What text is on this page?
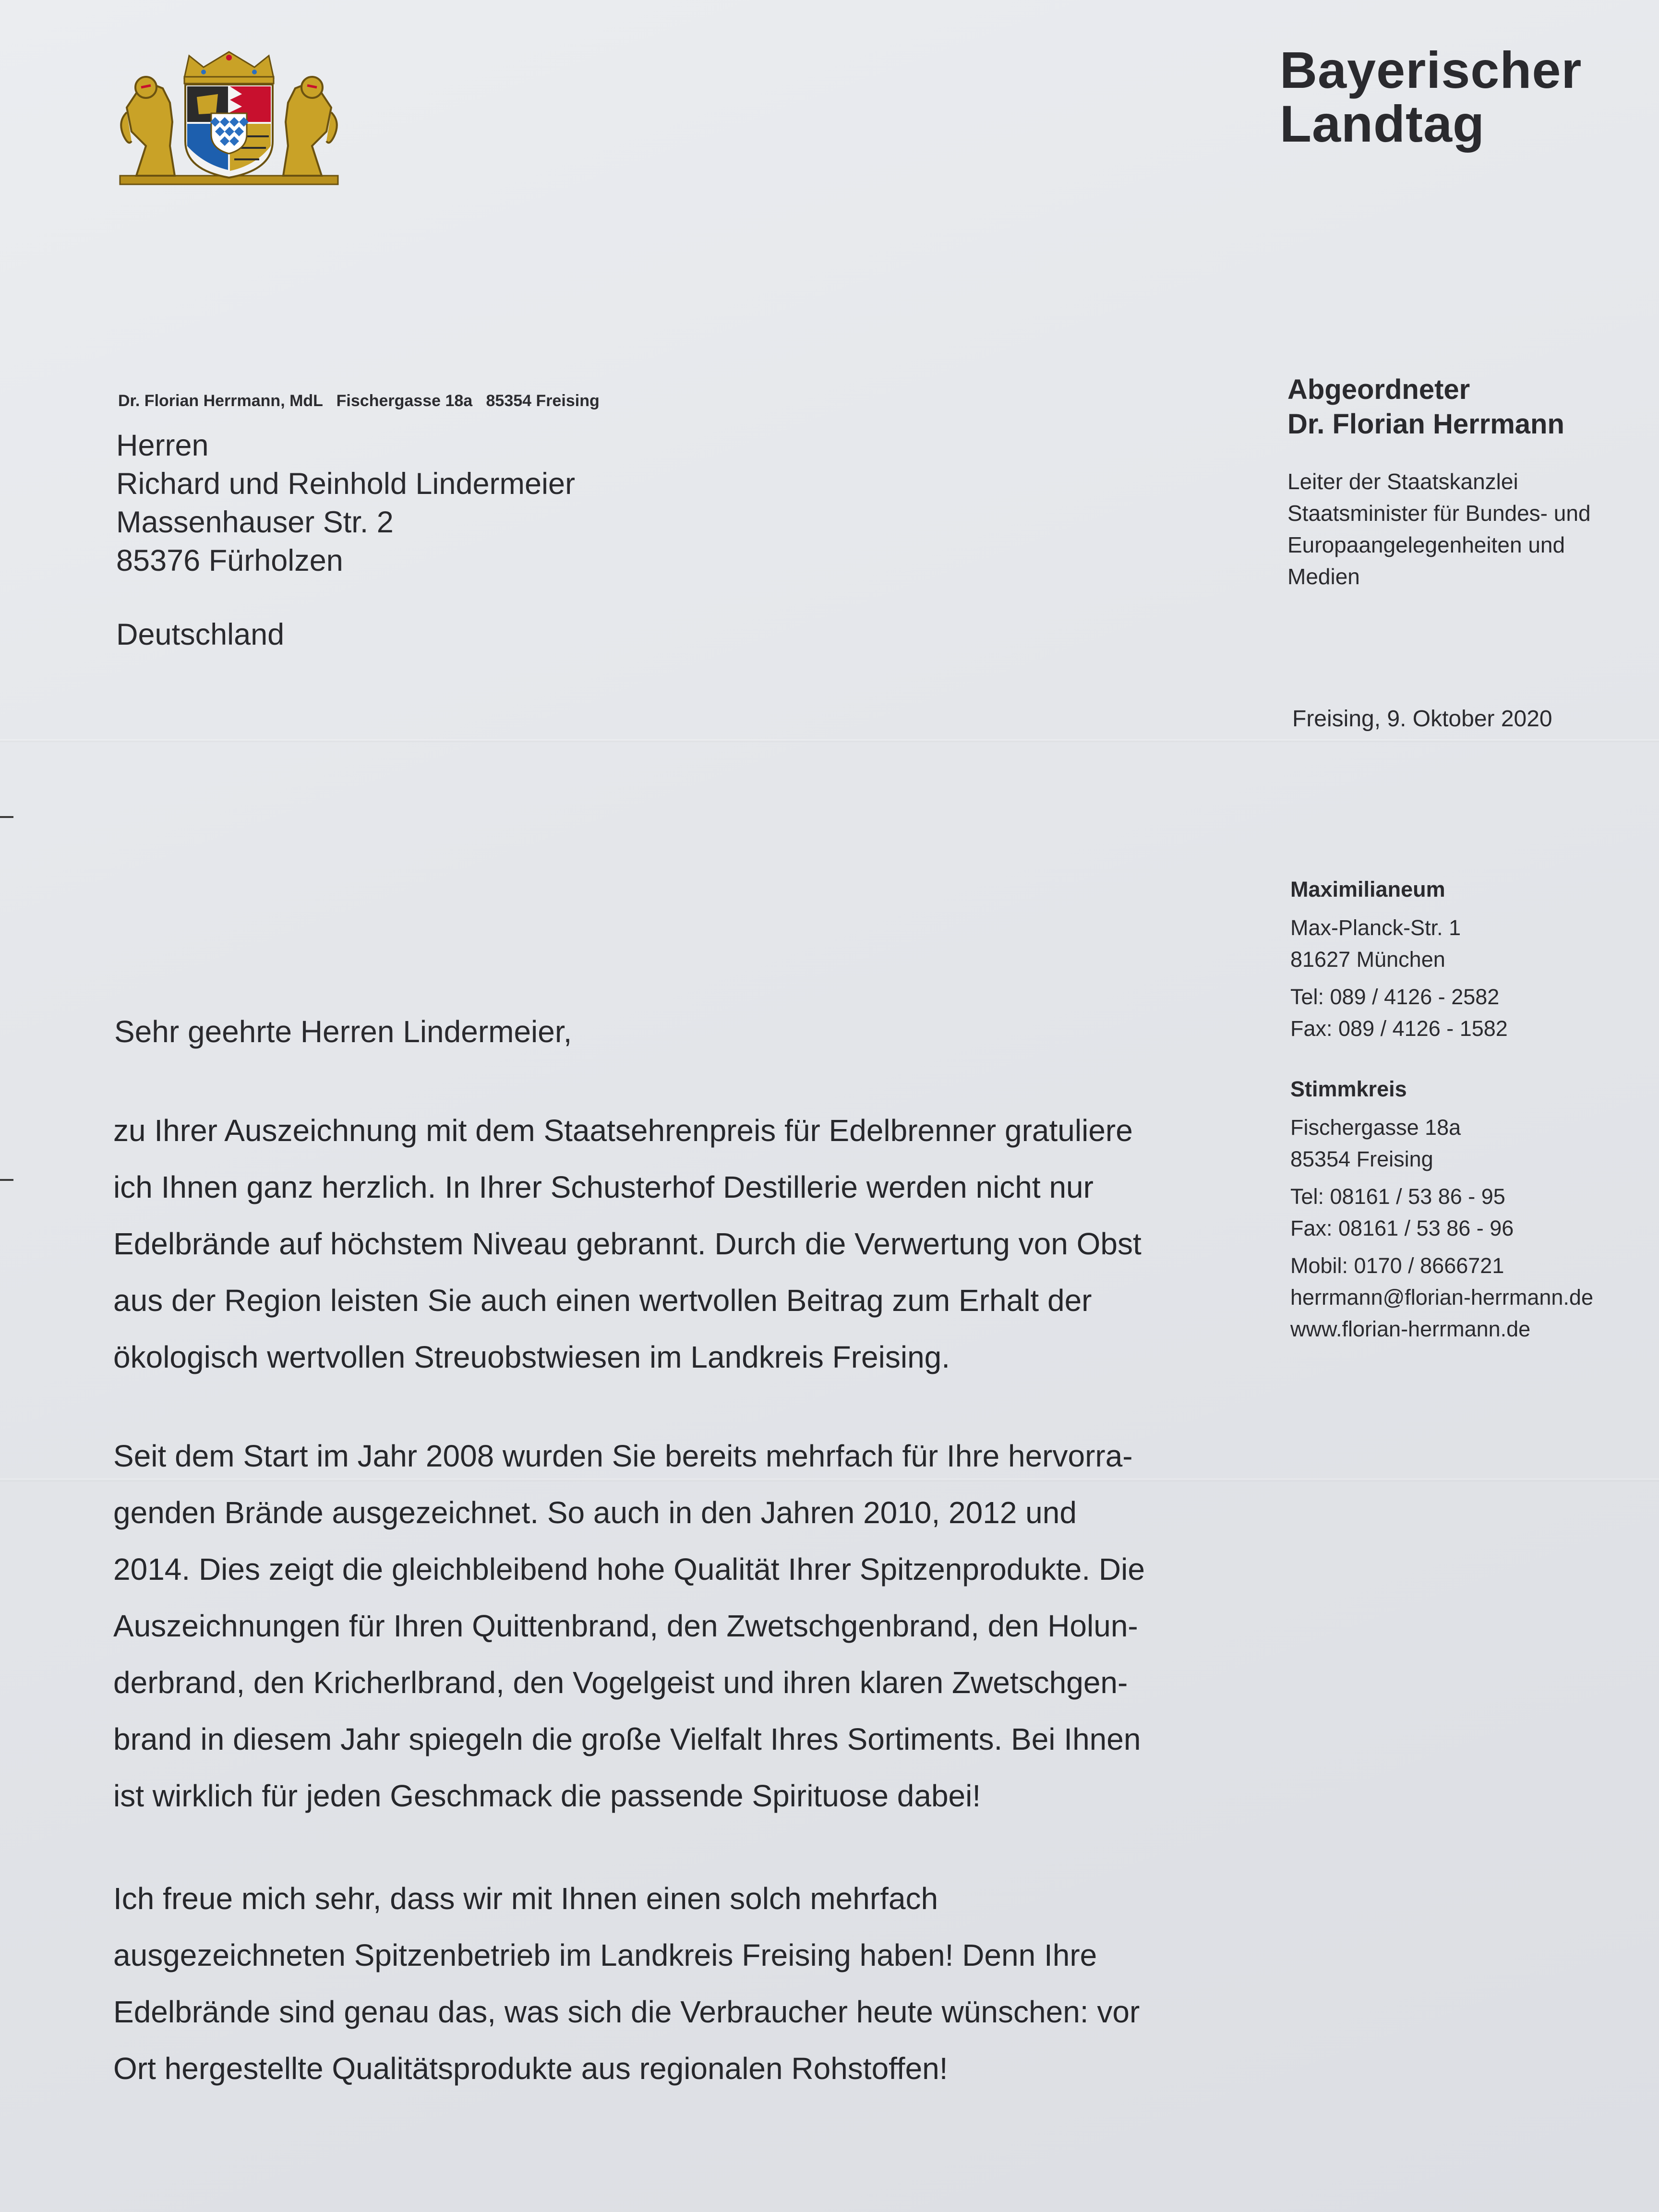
Bayerischer
Landtag
Dr. Florian Herrmann, MdL   Fischergasse 18a   85354 Freising
Herren
Richard und Reinhold Lindermeier
Massenhauser Str. 2
85376 Fürholzen
Deutschland
Abgeordneter
Dr. Florian Herrmann
Leiter der Staatskanzlei
Staatsminister für Bundes- und
Europaangelegenheiten und
Medien
Freising, 9. Oktober 2020
Maximilianeum
Max-Planck-Str. 1
81627 München
Tel: 089 / 4126 - 2582
Fax: 089 / 4126 - 1582
Stimmkreis
Fischergasse 18a
85354 Freising
Tel: 08161 / 53 86 - 95
Fax: 08161 / 53 86 - 96
Mobil: 0170 / 8666721
herrmann@florian-herrmann.de
www.florian-herrmann.de
Sehr geehrte Herren Lindermeier,
zu Ihrer Auszeichnung mit dem Staatsehrenpreis für Edelbrenner gratuliere
ich Ihnen ganz herzlich. In Ihrer Schusterhof Destillerie werden nicht nur
Edelbrände auf höchstem Niveau gebrannt. Durch die Verwertung von Obst
aus der Region leisten Sie auch einen wertvollen Beitrag zum Erhalt der
ökologisch wertvollen Streuobstwiesen im Landkreis Freising.
Seit dem Start im Jahr 2008 wurden Sie bereits mehrfach für Ihre hervorra-
genden Brände ausgezeichnet. So auch in den Jahren 2010, 2012 und
2014. Dies zeigt die gleichbleibend hohe Qualität Ihrer Spitzenprodukte. Die
Auszeichnungen für Ihren Quittenbrand, den Zwetschgenbrand, den Holun-
derbrand, den Kricherlbrand, den Vogelgeist und ihren klaren Zwetschgen-
brand in diesem Jahr spiegeln die große Vielfalt Ihres Sortiments. Bei Ihnen
ist wirklich für jeden Geschmack die passende Spirituose dabei!
Ich freue mich sehr, dass wir mit Ihnen einen solch mehrfach
ausgezeichneten Spitzenbetrieb im Landkreis Freising haben! Denn Ihre
Edelbrände sind genau das, was sich die Verbraucher heute wünschen: vor
Ort hergestellte Qualitätsprodukte aus regionalen Rohstoffen!
